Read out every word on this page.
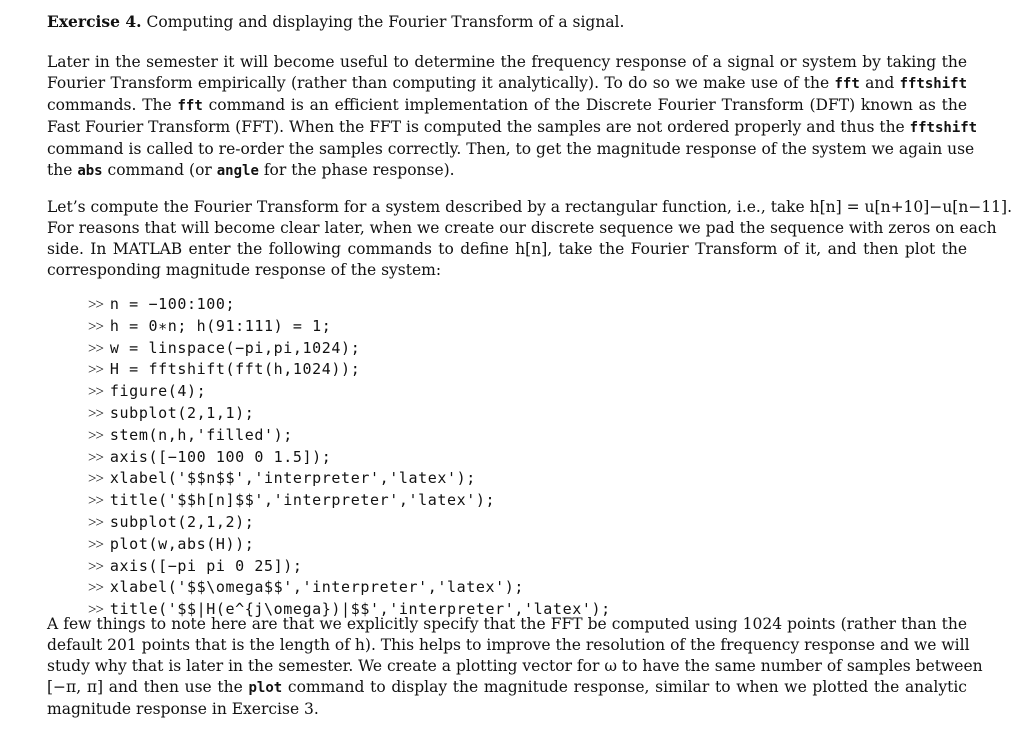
Exercise 4. Computing and displaying the Fourier Transform of a signal.
Later in the semester it will become useful to determine the frequency response of a signal or system by taking the
Fourier Transform empirically (rather than computing it analytically). To do so we make use of the fft and fftshift
commands. The fft command is an efficient implementation of the Discrete Fourier Transform (DFT) known as the
Fast Fourier Transform (FFT). When the FFT is computed the samples are not ordered properly and thus the fftshift
command is called to re-order the samples correctly. Then, to get the magnitude response of the system we again use
the abs command (or angle for the phase response).
Let’s compute the Fourier Transform for a system described by a rectangular function, i.e., take h[n] = u[n+10]−u[n−11].
For reasons that will become clear later, when we create our discrete sequence we pad the sequence with zeros on each
side. In MATLAB enter the following commands to define h[n], take the Fourier Transform of it, and then plot the
corresponding magnitude response of the system:
>> n = −100:100;
>> h = 0∗n; h(91:111) = 1;
>> w = linspace(−pi,pi,1024);
>> H = fftshift(fft(h,1024));
>> figure(4);
>> subplot(2,1,1);
>> stem(n,h,'filled');
>> axis([−100 100 0 1.5]);
>> xlabel('$$n$$','interpreter','latex');
>> title('$$h[n]$$','interpreter','latex');
>> subplot(2,1,2);
>> plot(w,abs(H));
>> axis([−pi pi 0 25]);
>> xlabel('$$\omega$$','interpreter','latex');
>> title('$$|H(e^{j\omega})|$$','interpreter','latex');
A few things to note here are that we explicitly specify that the FFT be computed using 1024 points (rather than the
default 201 points that is the length of h). This helps to improve the resolution of the frequency response and we will
study why that is later in the semester. We create a plotting vector for ω to have the same number of samples between
[−π, π] and then use the plot command to display the magnitude response, similar to when we plotted the analytic
magnitude response in Exercise 3.
